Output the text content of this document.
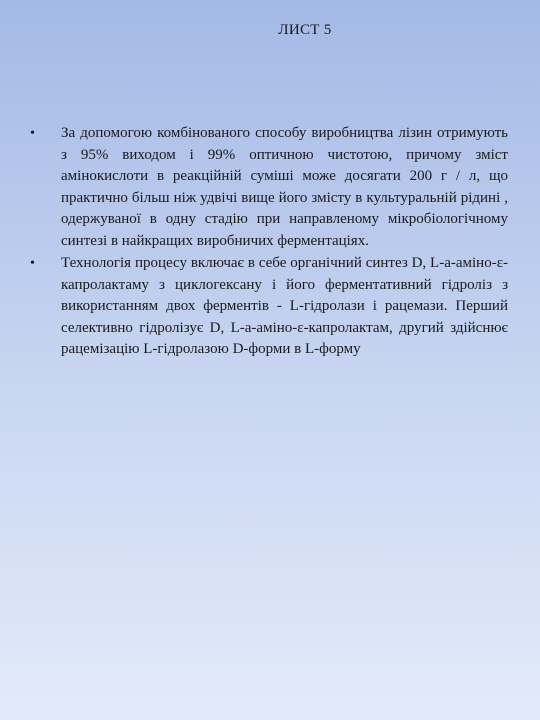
ЛИСТ 5
• За допомогою комбінованого способу виробництва лізин отримують з 95% виходом і 99% оптичною чистотою, причому зміст амінокислоти в реакційній суміші може досягати 200 г / л, що практично більш ніж удвічі вище його змісту в культуральній рідині , одержуваної в одну стадію при направленому мікробіологічному синтезі в найкращих виробничих ферментаціях.
• Технологія процесу включає в себе органічний синтез D, L-a-аміно-ε-капролактаму з циклогексану і його ферментативний гідроліз з використанням двох ферментів - L-гідролази і рацемази. Перший селективно гідролізує D, L-a-аміно-ε-капролактам, другий здійснює рацемізацію L-гідролазою D-форми в L-форму
